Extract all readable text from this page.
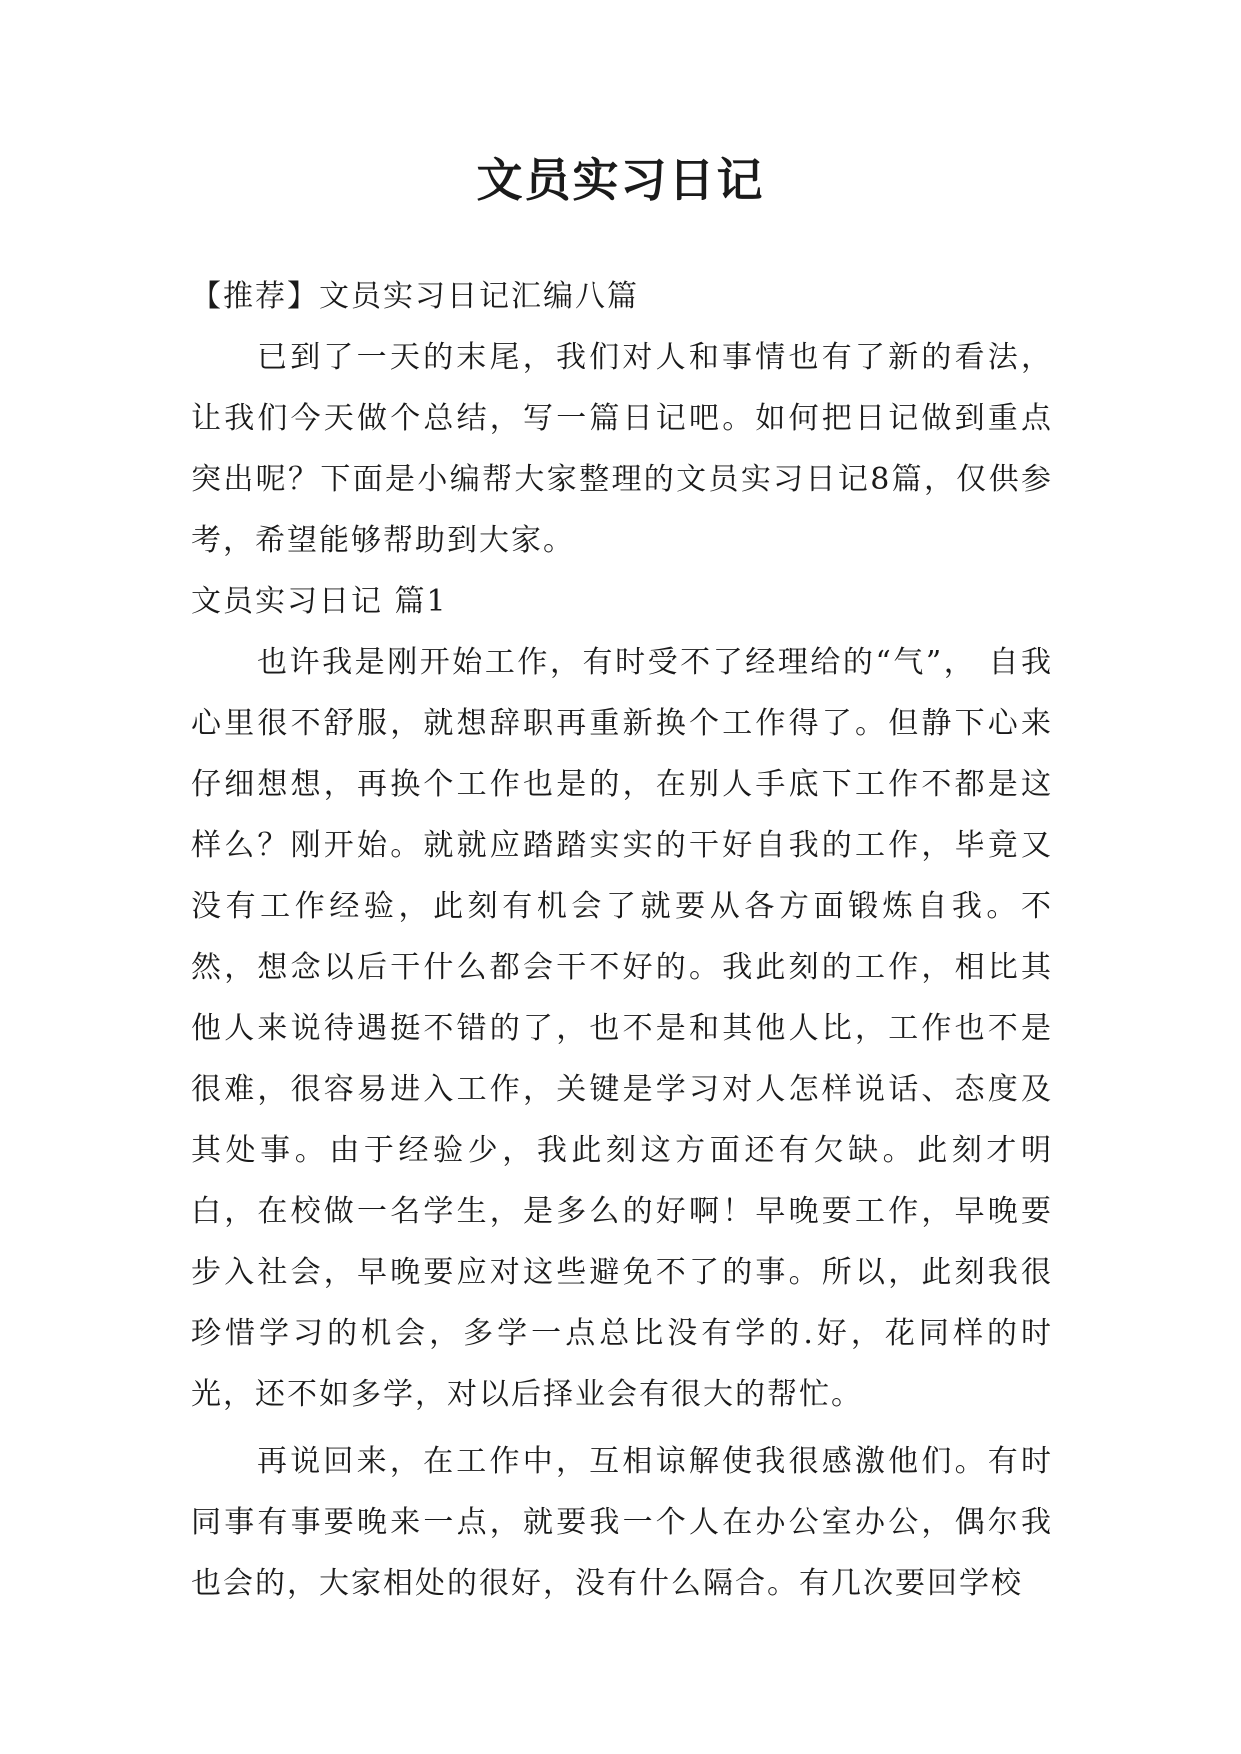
文员实习日记

【推荐】文员实习日记汇编八篇

已到了一天的末尾，我们对人和事情也有了新的看法，让我们今天做个总结，写一篇日记吧。如何把日记做到重点突出呢？下面是小编帮大家整理的文员实习日记8篇，仅供参考，希望能够帮助到大家。

文员实习日记 篇1

也许我是刚开始工作，有时受不了经理给的“气”， 自我心里很不舒服，就想辞职再重新换个工作得了。但静下心来仔细想想，再换个工作也是的，在别人手底下工作不都是这样么？刚开始。就就应踏踏实实的干好自我的工作，毕竟又没有工作经验，此刻有机会了就要从各方面锻炼自我。不然，想念以后干什么都会干不好的。我此刻的工作，相比其他人来说待遇挺不错的了，也不是和其他人比，工作也不是很难，很容易进入工作，关键是学习对人怎样说话、态度及其处事。由于经验少，我此刻这方面还有欠缺。此刻才明白，在校做一名学生，是多么的好啊！早晚要工作，早晚要步入社会，早晚要应对这些避免不了的事。所以，此刻我很珍惜学习的机会，多学一点总比没有学的.好，花同样的时光，还不如多学，对以后择业会有很大的帮忙。

再说回来，在工作中，互相谅解使我很感激他们。有时同事有事要晚来一点，就要我一个人在办公室办公，偶尔我也会的，大家相处的很好，没有什么隔合。有几次要回学校
